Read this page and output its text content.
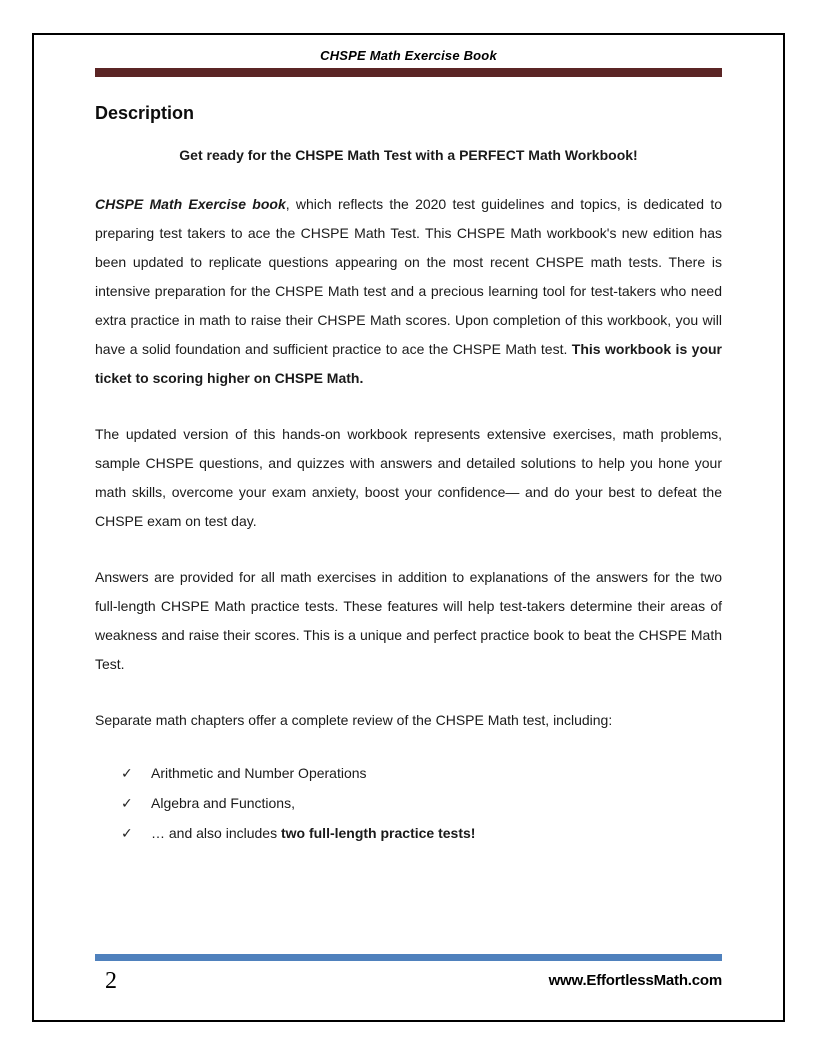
CHSPE Math Exercise Book
Description

Get ready for the CHSPE Math Test with a PERFECT Math Workbook!

CHSPE Math Exercise book, which reflects the 2020 test guidelines and topics, is dedicated to preparing test takers to ace the CHSPE Math Test. This CHSPE Math workbook's new edition has been updated to replicate questions appearing on the most recent CHSPE math tests. There is intensive preparation for the CHSPE Math test and a precious learning tool for test-takers who need extra practice in math to raise their CHSPE Math scores. Upon completion of this workbook, you will have a solid foundation and sufficient practice to ace the CHSPE Math test. This workbook is your ticket to scoring higher on CHSPE Math.

The updated version of this hands-on workbook represents extensive exercises, math problems, sample CHSPE questions, and quizzes with answers and detailed solutions to help you hone your math skills, overcome your exam anxiety, boost your confidence— and do your best to defeat the CHSPE exam on test day.

Answers are provided for all math exercises in addition to explanations of the answers for the two full-length CHSPE Math practice tests. These features will help test-takers determine their areas of weakness and raise their scores. This is a unique and perfect practice book to beat the CHSPE Math Test.

Separate math chapters offer a complete review of the CHSPE Math test, including:

✓	Arithmetic and Number Operations
✓	Algebra and Functions,
✓	… and also includes two full-length practice tests!
2	www.EffortlessMath.com
